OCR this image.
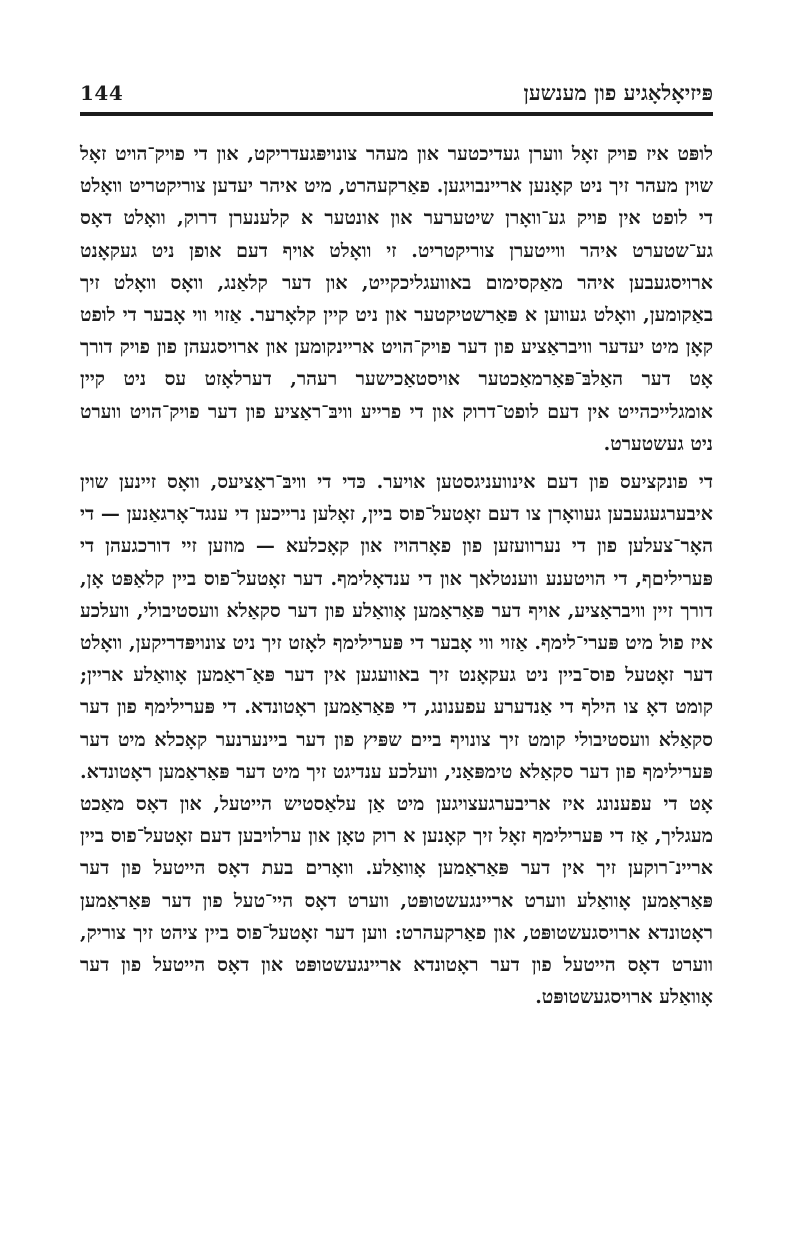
144	פּיזיאָלאָגיע פון מענשען

לופּט איז פויק זאָל ווערן געדיכטער און מעהר צונויפּגעדריקט, און די פויק־הויט זאָל שוין מעהר זיך ניט קאָנען אריינבויגען. פאַרקעהרט, מיט איהר יעדען צוריקטריט וואָלט די לופט אין פויק גע־וואָרן שיטערער און אונטער א קלענערן דרוק, וואָלט דאָס גע־שטערט איהר ווייטערן צוריקטריט. זי וואָלט אויף דעם אופן ניט געקאָנט ארויסגעבען איהר מאַקסימום באוועגליכקייט, און דער קלאַנג, וואָס וואָלט זיך באַקומען, וואָלט געווען א פּאַרשטיקטער און ניט קיין קלאָרער. אַזוי ווי אָבער די לופט קאָן מיט יעדער וויבראַציע פון דער פויק־הויט אריינקומען און ארויסגעהן פון פויק דורך אָט דער האַלבּ־פּאַרמאַכטער אויסטאַכישער רעהר, דערלאָזט עס ניט קיין אומגלייכהייט אין דעם לופט־דרוק און די פרייע וויבּ־ראַציע פון דער פויק־הויט ווערט ניט געשטערט.

די פונקציעס פון דעם אינוועניגסטען אויער. כּדי די וויבּ־ראַציעס, וואָס זיינען שוין איבערגעגעבען געוואָרן צו דעם זאָטעל־פוס ביין, זאָלען נרייכען די ענגד־אָרגאַנען — די האָר־צעלען פון די נערוועזען פון פאָרהויז און קאָכלעא — מוזען זיי דורכגעהן די פּעריליםף, די הויטענע ווענטלאך און די ענדאָלימף. דער זאָטעל־פוס ביין קלאַפּט אָן, דורך זיין וויבראַציע, אויף דער פּאַראַמען אָוואַלע פון דער סקאַלא וועסטיבולי, וועלכע איז פול מיט פּערי־לימף. אַזוי ווי אָבער די פּערילימף לאָזט זיך ניט צונויפּדריקען, וואָלט דער זאָטעל פוס־ביין ניט געקאָנט זיך באוועגען אין דער פּאַ־ראַמען אָוואַלע אריין; קומט דאָ צו הילף די אַנדערע עפענונג, די פּאַראַמען ראָטונדא. די פּערילימף פון דער סקאַלא וועסטיבולי קומט זיך צונויף ביים שפּיץ פון דער ביינערנער קאָכלא מיט דער פּערילימף פון דער סקאַלא טימפּאַני, וועלכע ענדיגט זיך מיט דער פּאַראַמען ראָטונדא. אָט די עפענונג איז אריבערגעצויגען מיט אַן עלאַסטיש הייטעל, און דאָס מאַכט מעגליך, אַז די פּערילימף זאָל זיך קאָנען א רוק טאָן און ערלויבען דעם זאָטעל־פוס ביין אריינ־רוקען זיך אין דער פּאַראַמען אָוואַלע. וואָרים בעת דאָס הייטעל פון דער פּאַראַמען אָוואַלע ווערט אריינגעשטופּט, ווערט דאָס היי־טעל פון דער פּאַראַמען ראָטונדא ארויסגעשטופּט, און פאַרקעהרט: ווען דער זאָטעל־פוס ביין ציהט זיך צוריק, ווערט דאָס הייטעל פון דער ראָטונדא אריינגעשטופּט און דאָס הייטעל פון דער אָוואַלע ארויסגעשטופּט.
